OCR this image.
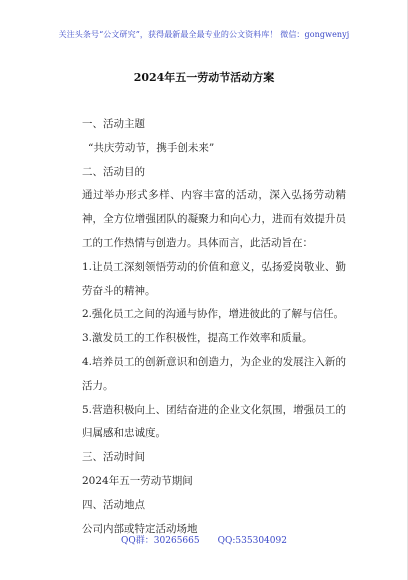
关注头条号“公文研究”，获得最新最全最专业的公文资料库！ 微信：gongwenyj
2024年五一劳动节活动方案

一、活动主题

“共庆劳动节，携手创未来”

二、活动目的

通过举办形式多样、内容丰富的活动，深入弘扬劳动精神，全方位增强团队的凝聚力和向心力，进而有效提升员工的工作热情与创造力。具体而言，此活动旨在：

1.让员工深刻领悟劳动的价值和意义，弘扬爱岗敬业、勤劳奋斗的精神。

2.强化员工之间的沟通与协作，增进彼此的了解与信任。

3.激发员工的工作积极性，提高工作效率和质量。

4.培养员工的创新意识和创造力，为企业的发展注入新的活力。

5.营造积极向上、团结奋进的企业文化氛围，增强员工的归属感和忠诚度。

三、活动时间

2024年五一劳动节期间

四、活动地点

公司内部或特定活动场地

QQ群：30265665 QQ:535304092
